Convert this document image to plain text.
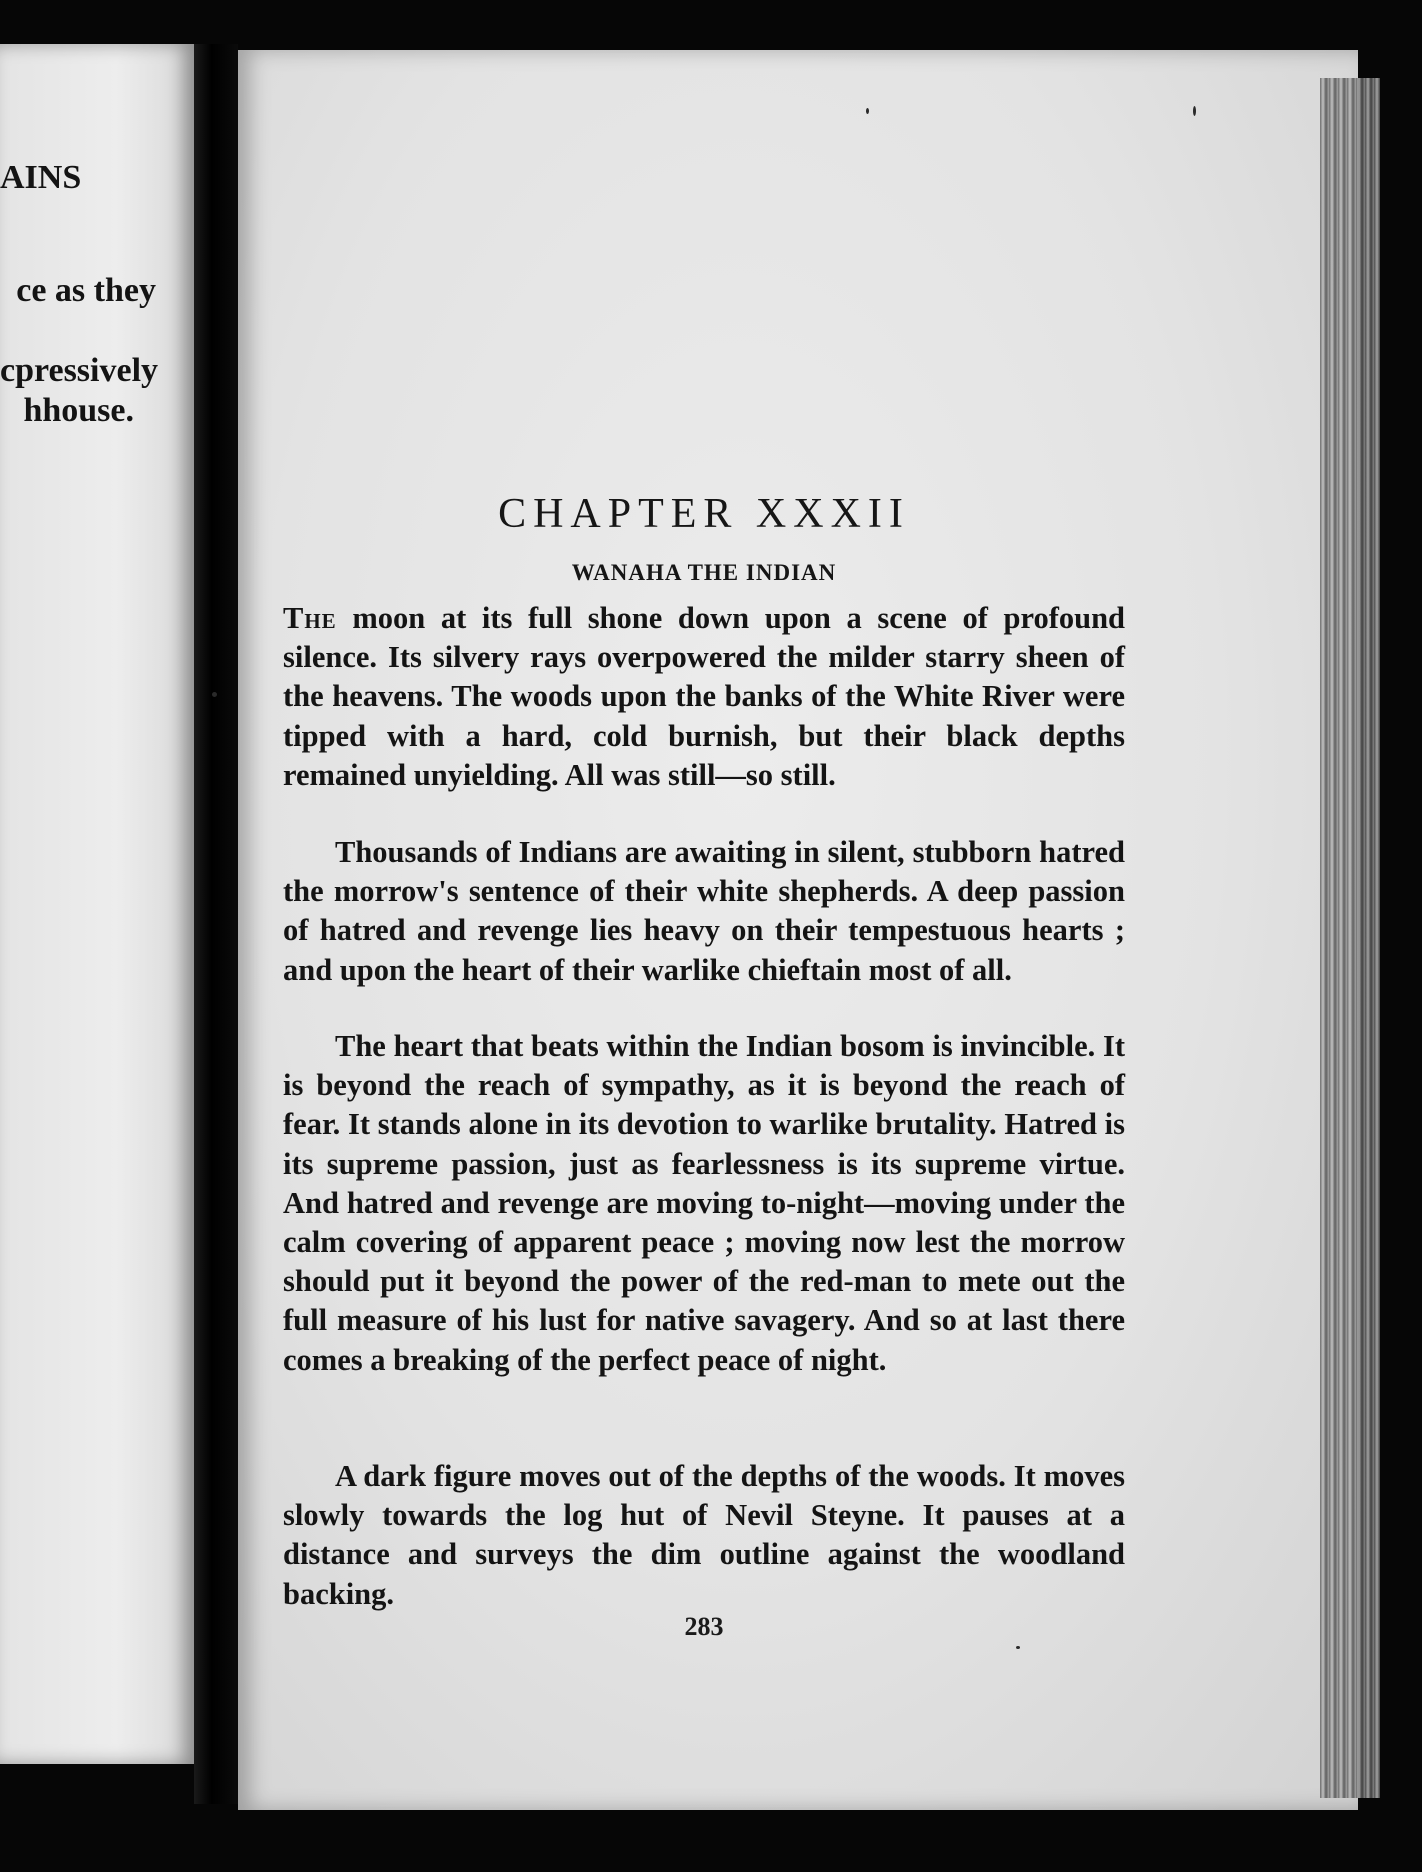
AINS
ce as they
cpressively
hhouse.
CHAPTER XXXII
WANAHA THE INDIAN

The moon at its full shone down upon a scene of profound silence. Its silvery rays overpowered the milder starry sheen of the heavens. The woods upon the banks of the White River were tipped with a hard, cold burnish, but their black depths remained unyielding. All was still—so still.

Thousands of Indians are awaiting in silent, stubborn hatred the morrow's sentence of their white shepherds. A deep passion of hatred and revenge lies heavy on their tempestuous hearts ; and upon the heart of their warlike chieftain most of all.

The heart that beats within the Indian bosom is invincible. It is beyond the reach of sympathy, as it is beyond the reach of fear. It stands alone in its devotion to warlike brutality. Hatred is its supreme passion, just as fearlessness is its supreme virtue. And hatred and revenge are moving to-night—moving under the calm covering of apparent peace ; moving now lest the morrow should put it beyond the power of the red-man to mete out the full measure of his lust for native savagery. And so at last there comes a breaking of the perfect peace of night.

A dark figure moves out of the depths of the woods. It moves slowly towards the log hut of Nevil Steyne. It pauses at a distance and surveys the dim outline against the woodland backing.

283
